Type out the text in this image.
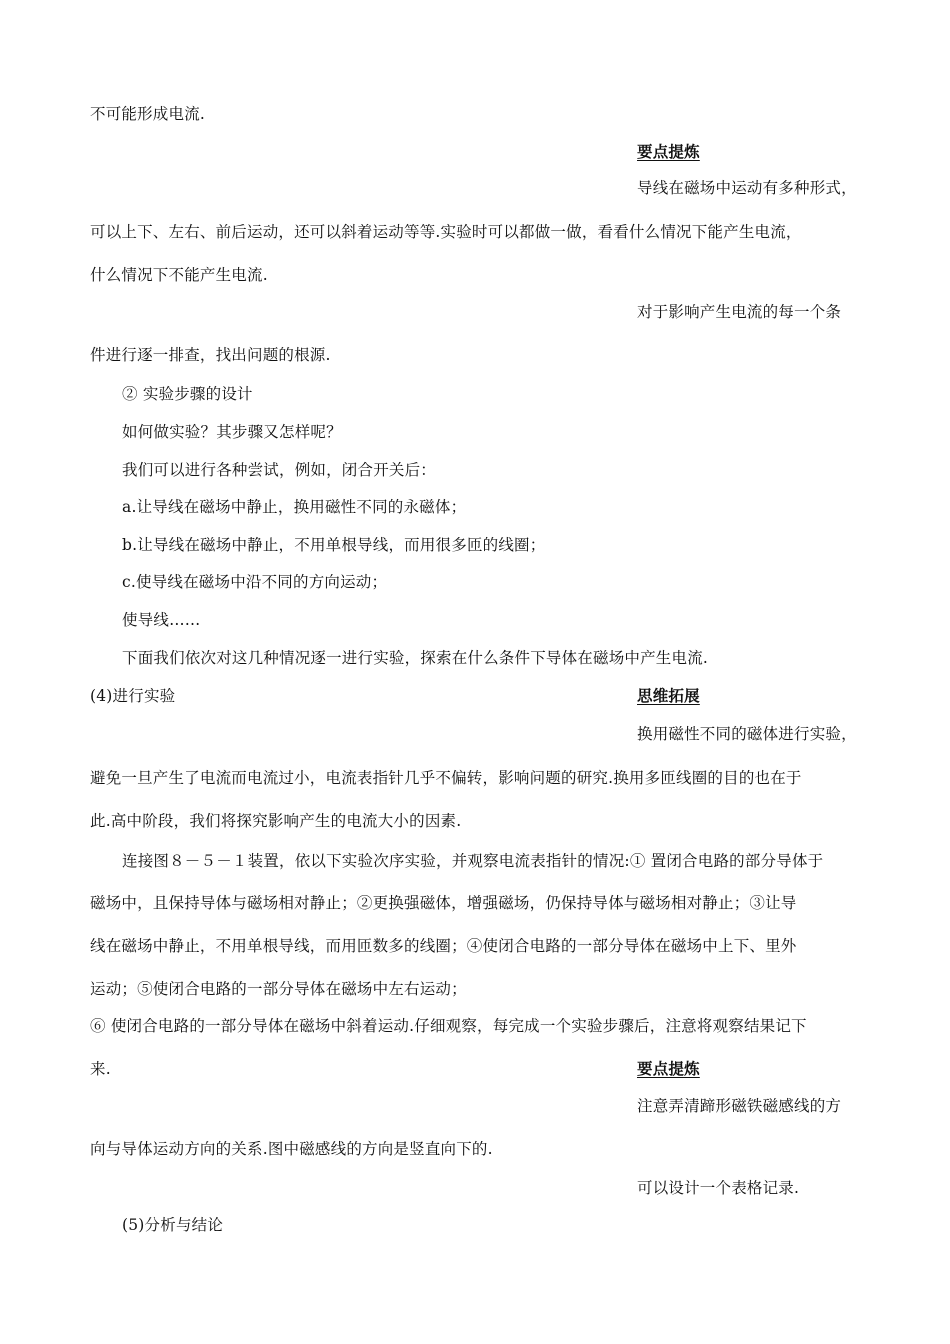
不可能形成电流.
要点提炼
导线在磁场中运动有多种形式，
可以上下、左右、前后运动，还可以斜着运动等等.实验时可以都做一做，看看什么情况下能产生电流，
什么情况下不能产生电流.
对于影响产生电流的每一个条
件进行逐一排查，找出问题的根源.
② 实验步骤的设计
如何做实验？其步骤又怎样呢？
我们可以进行各种尝试，例如，闭合开关后：
a.让导线在磁场中静止，换用磁性不同的永磁体；
b.让导线在磁场中静止，不用单根导线，而用很多匝的线圈；
c.使导线在磁场中沿不同的方向运动；
使导线……
下面我们依次对这几种情况逐一进行实验，探索在什么条件下导体在磁场中产生电流.
(4)进行实验	思维拓展
换用磁性不同的磁体进行实验，
避免一旦产生了电流而电流过小，电流表指针几乎不偏转，影响问题的研究.换用多匝线圈的目的也在于
此.高中阶段，我们将探究影响产生的电流大小的因素.
连接图８－５－１装置，依以下实验次序实验，并观察电流表指针的情况:① 置闭合电路的部分导体于
磁场中，且保持导体与磁场相对静止；②更换强磁体，增强磁场，仍保持导体与磁场相对静止；③让导
线在磁场中静止，不用单根导线，而用匝数多的线圈；④使闭合电路的一部分导体在磁场中上下、里外
运动；⑤使闭合电路的一部分导体在磁场中左右运动；
⑥ 使闭合电路的一部分导体在磁场中斜着运动.仔细观察，每完成一个实验步骤后，注意将观察结果记下
来.	要点提炼
注意弄清蹄形磁铁磁感线的方
向与导体运动方向的关系.图中磁感线的方向是竖直向下的.
可以设计一个表格记录.
(5)分析与结论
